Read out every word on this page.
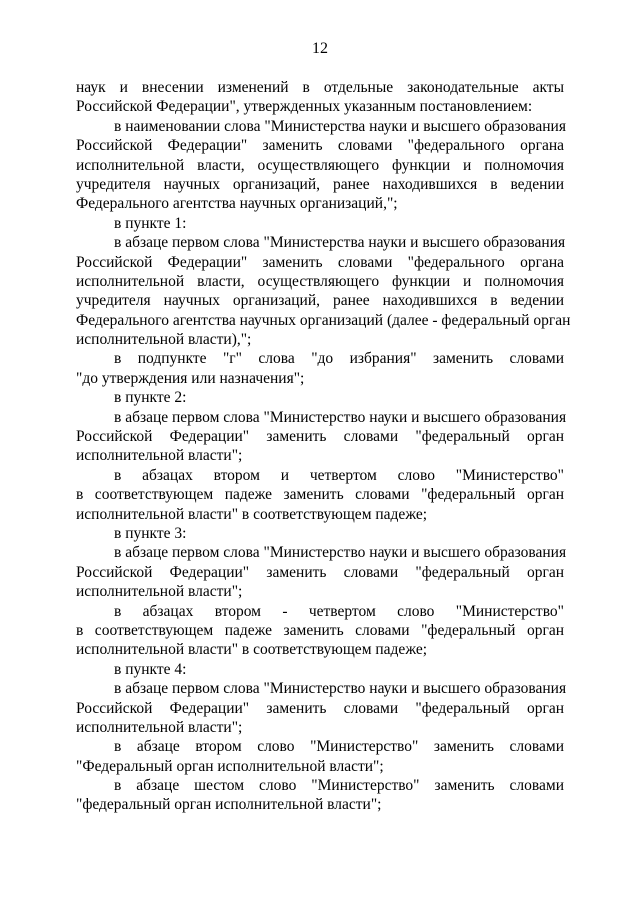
12
наук и внесении изменений в отдельные законодательные акты
Российской Федерации", утвержденных указанным постановлением:
в наименовании слова "Министерства науки и высшего образования
Российской Федерации" заменить словами "федерального органа
исполнительной власти, осуществляющего функции и полномочия
учредителя научных организаций, ранее находившихся в ведении
Федерального агентства научных организаций,";
в пункте 1:
в абзаце первом слова "Министерства науки и высшего образования
Российской Федерации" заменить словами "федерального органа
исполнительной власти, осуществляющего функции и полномочия
учредителя научных организаций, ранее находившихся в ведении
Федерального агентства научных организаций (далее - федеральный орган
исполнительной власти),";
в подпункте "г" слова "до избрания" заменить словами
"до утверждения или назначения";
в пункте 2:
в абзаце первом слова "Министерство науки и высшего образования
Российской Федерации" заменить словами "федеральный орган
исполнительной власти";
в абзацах втором и четвертом слово "Министерство"
в соответствующем падеже заменить словами "федеральный орган
исполнительной власти" в соответствующем падеже;
в пункте 3:
в абзаце первом слова "Министерство науки и высшего образования
Российской Федерации" заменить словами "федеральный орган
исполнительной власти";
в абзацах втором - четвертом слово "Министерство"
в соответствующем падеже заменить словами "федеральный орган
исполнительной власти" в соответствующем падеже;
в пункте 4:
в абзаце первом слова "Министерство науки и высшего образования
Российской Федерации" заменить словами "федеральный орган
исполнительной власти";
в абзаце втором слово "Министерство" заменить словами
"Федеральный орган исполнительной власти";
в абзаце шестом слово "Министерство" заменить словами
"федеральный орган исполнительной власти";
